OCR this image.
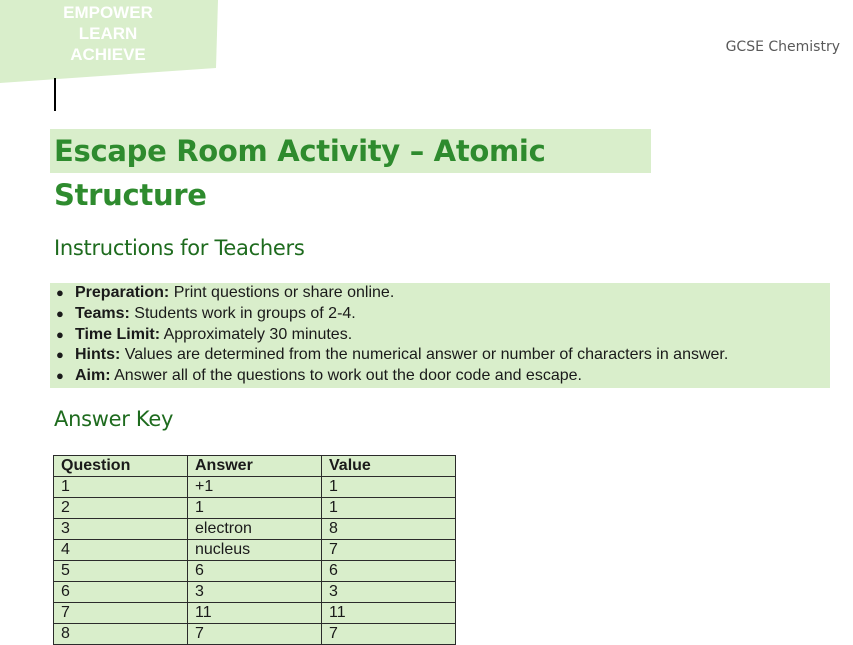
EMPOWER
LEARN
ACHIEVE	GCSE Chemistry
Escape Room Activity – Atomic Structure
Instructions for Teachers
● Preparation: Print questions or share online.
● Teams: Students work in groups of 2-4.
● Time Limit: Approximately 30 minutes.
● Hints: Values are determined from the numerical answer or number of characters in answer.
● Aim: Answer all of the questions to work out the door code and escape.
Answer Key
Question	Answer	Value
1	+1	1
2	1	1
3	electron	8
4	nucleus	7
5	6	6
6	3	3
7	11	11
8	7	7
